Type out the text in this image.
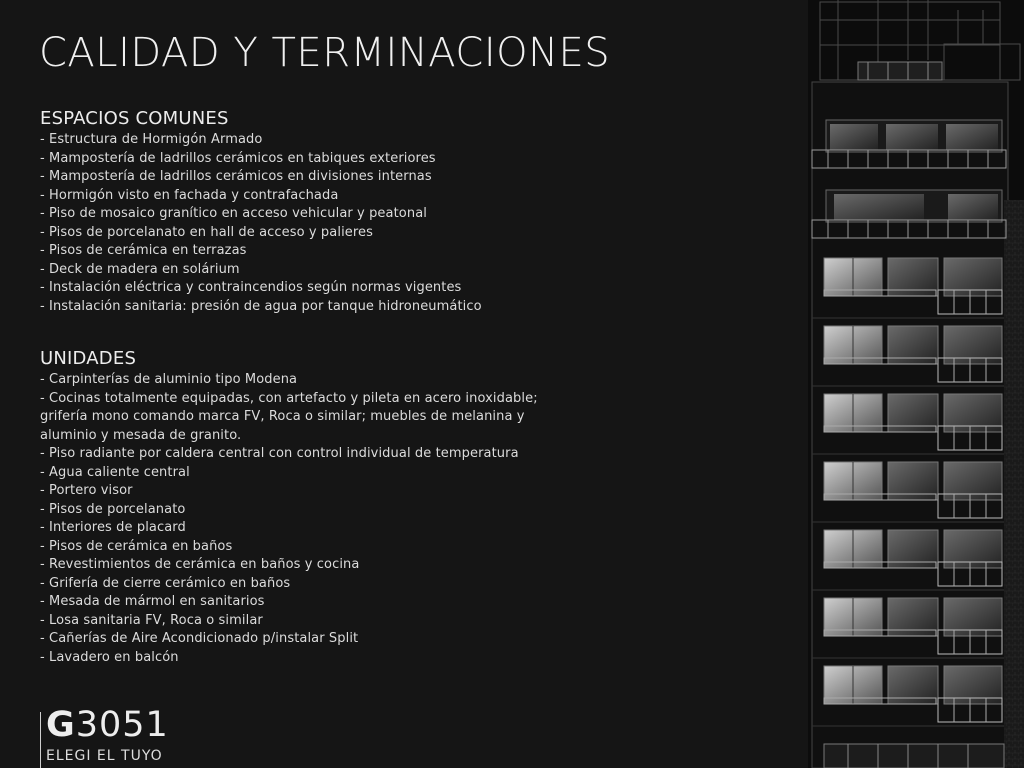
CALIDAD Y TERMINACIONES
ESPACIOS COMUNES
- Estructura de Hormigón Armado
- Mampostería de ladrillos cerámicos en tabiques exteriores
- Mampostería de ladrillos cerámicos en divisiones internas
- Hormigón visto en fachada y contrafachada
- Piso de mosaico granítico en acceso vehicular y peatonal
- Pisos de porcelanato en hall de acceso y palieres
- Pisos de cerámica en terrazas
- Deck de madera en solárium
- Instalación eléctrica y contraincendios según normas vigentes
- Instalación sanitaria: presión de agua por tanque hidroneumático
UNIDADES
- Carpinterías de aluminio tipo Modena
- Cocinas totalmente equipadas, con artefacto y pileta en acero inoxidable;
grifería mono comando marca FV, Roca o similar; muebles de melanina y
aluminio y mesada de granito.
- Piso radiante por caldera central con control individual de temperatura
- Agua caliente central
- Portero visor
- Pisos de porcelanato
- Interiores de placard
- Pisos de cerámica en baños
- Revestimientos de cerámica en baños y cocina
- Grifería de cierre cerámico en baños
- Mesada de mármol en sanitarios
- Losa sanitaria FV, Roca o similar
- Cañerías de Aire Acondicionado p/instalar Split
- Lavadero en balcón
G3051
ELEGI EL TUYO
